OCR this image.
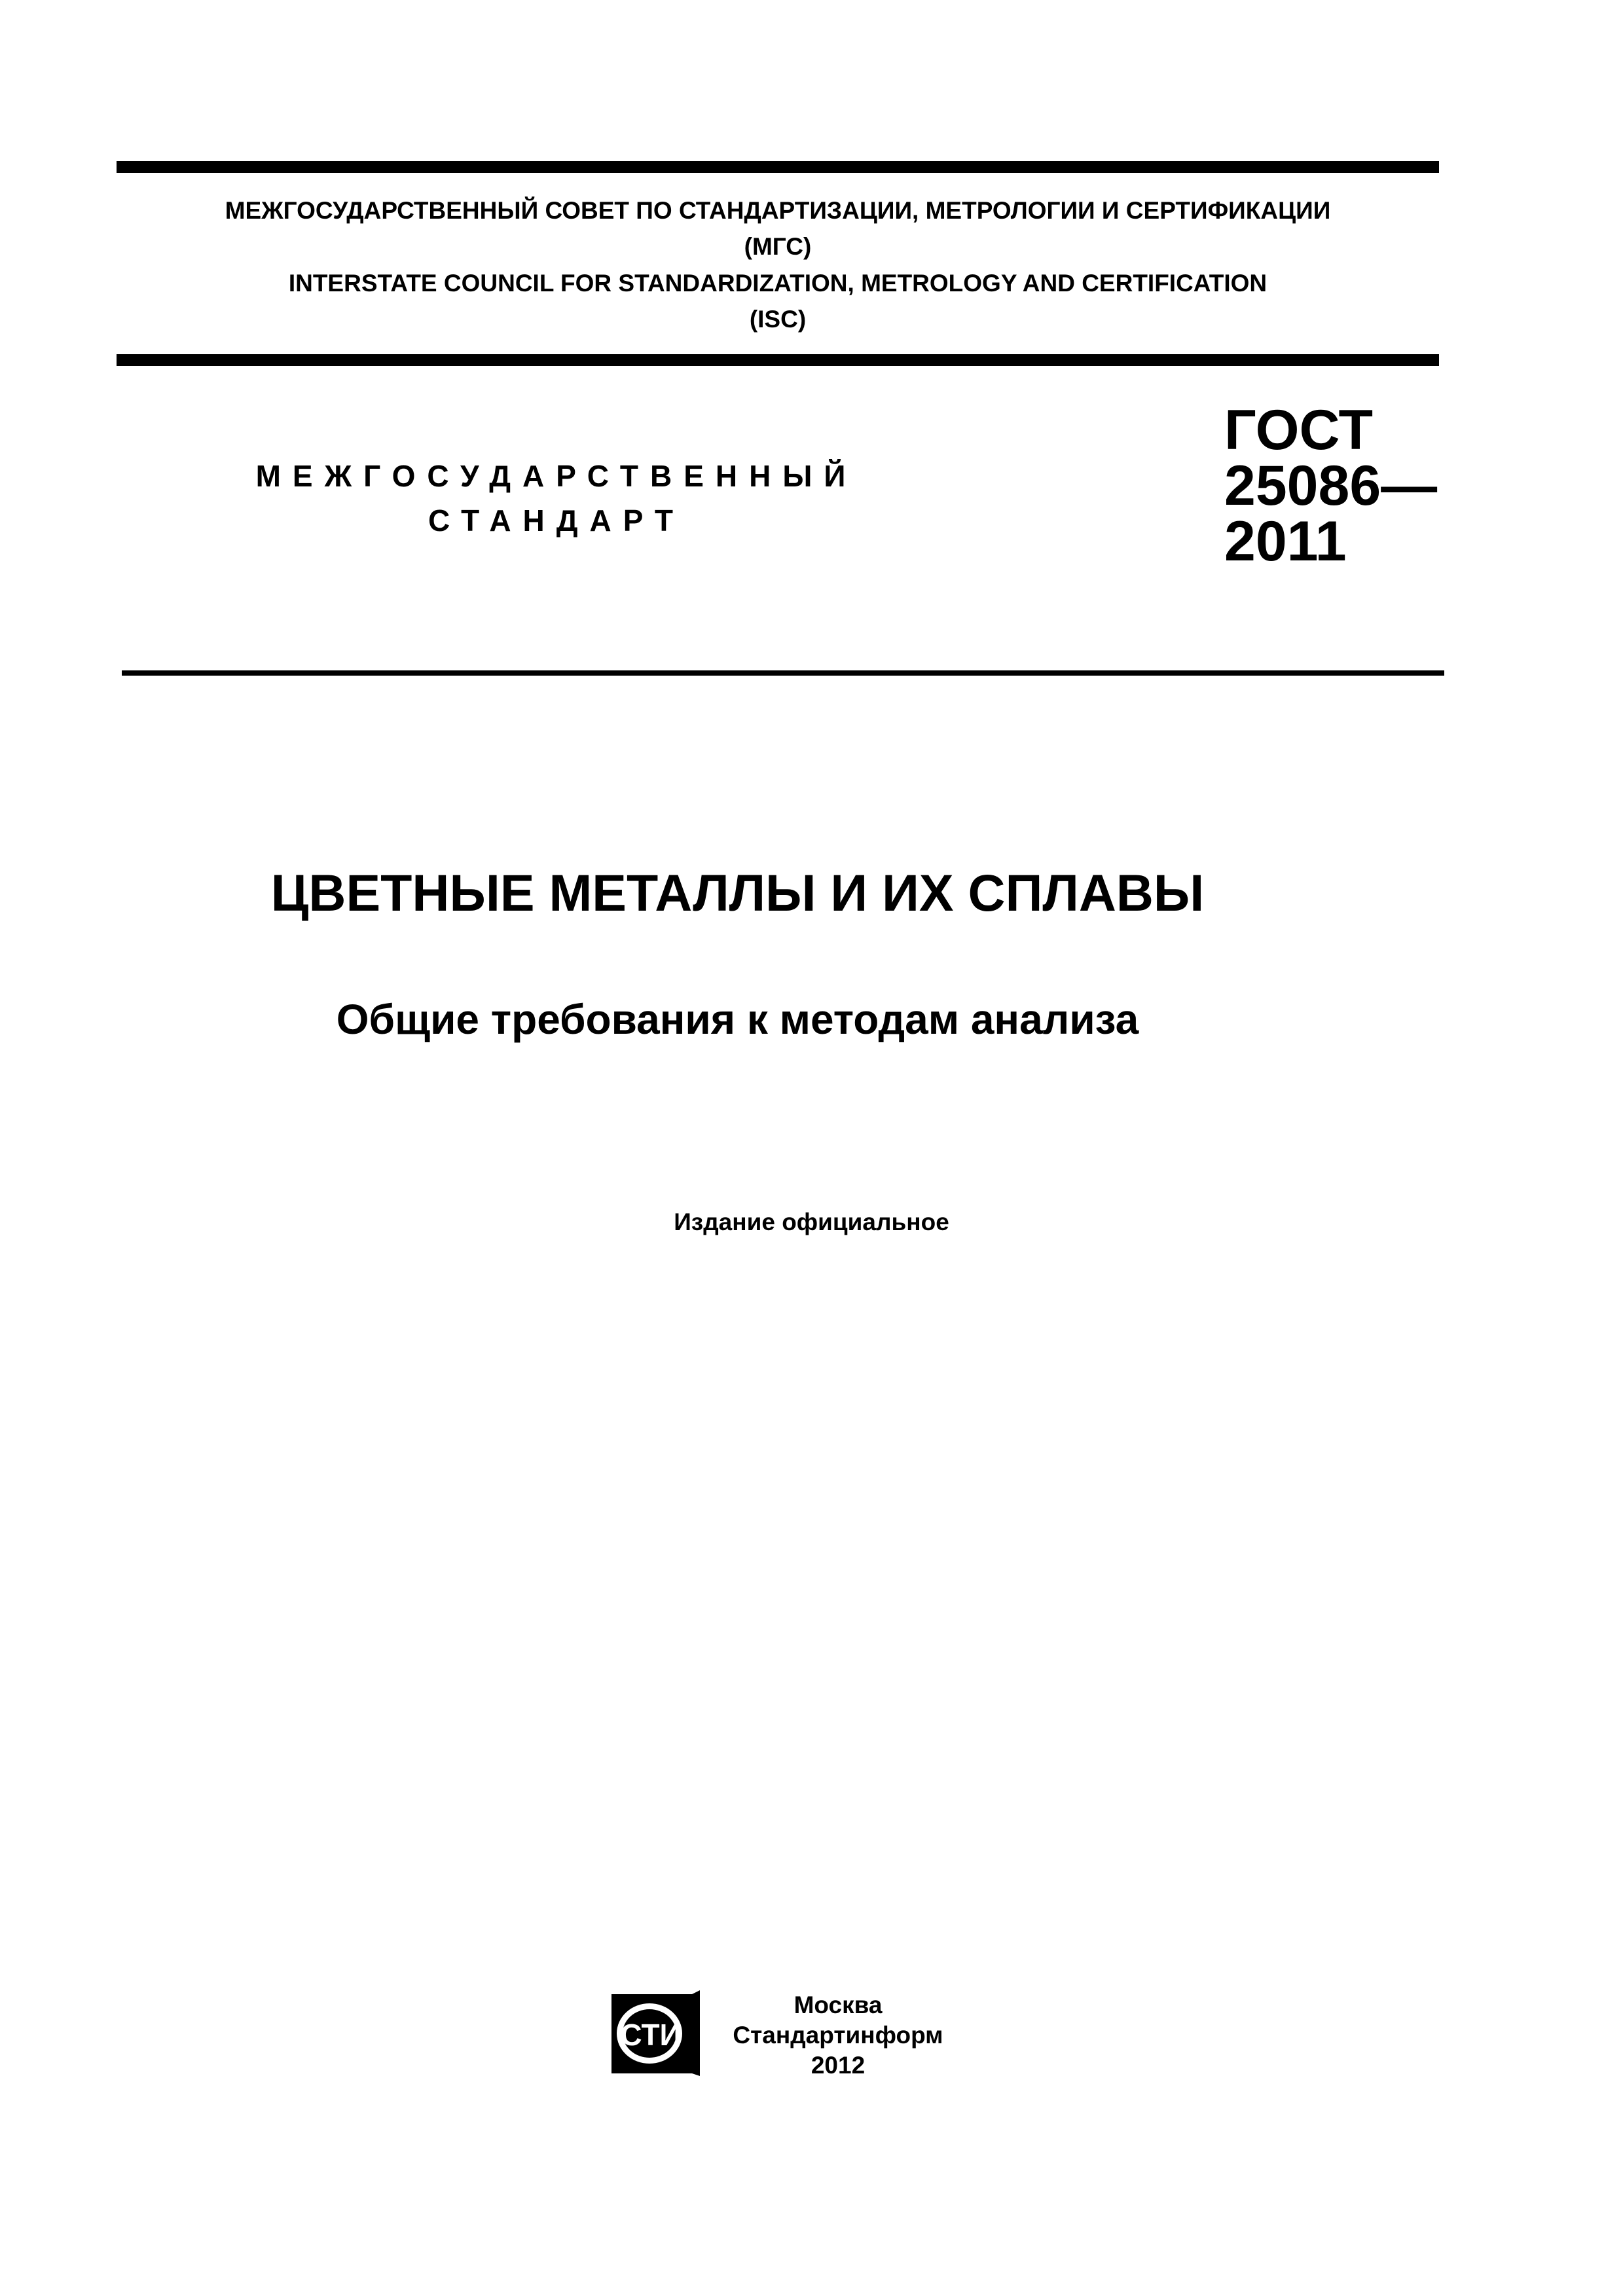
МЕЖГОСУДАРСТВЕННЫЙ СОВЕТ ПО СТАНДАРТИЗАЦИИ, МЕТРОЛОГИИ И СЕРТИФИКАЦИИ
(МГС)
INTERSTATE COUNCIL FOR STANDARDIZATION, METROLOGY AND CERTIFICATION
(ISC)
МЕЖГОСУДАРСТВЕННЫЙ
СТАНДАРТ
ГОСТ
25086—
2011
ЦВЕТНЫЕ МЕТАЛЛЫ И ИХ СПЛАВЫ
Общие требования к методам анализа
Издание официальное
СТИ
Москва
Стандартинформ
2012
